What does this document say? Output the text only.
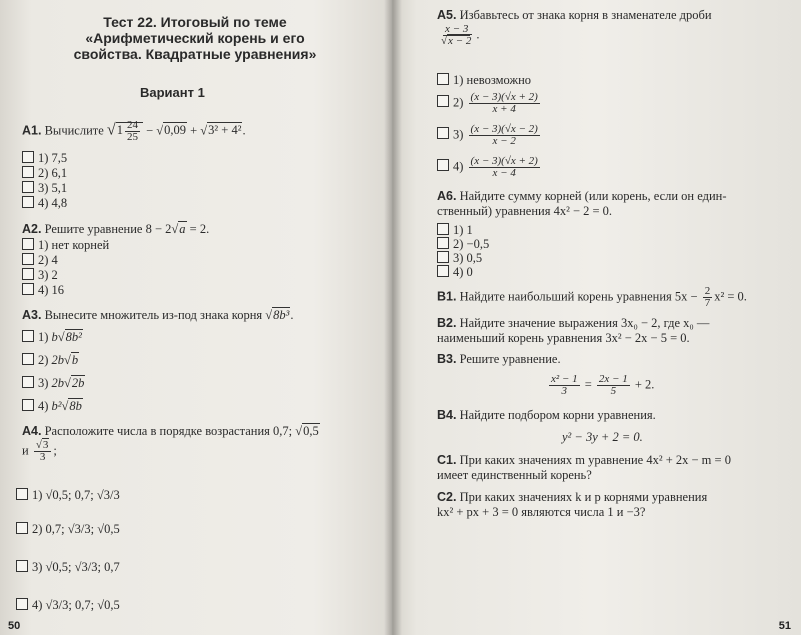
Тест 22. Итоговый по теме
«Арифметический корень и его
свойства. Квадратные уравнения»
Вариант 1
A1. Вычислите $√1 \frac{24}{25} - √0,09 + √3^2 + 4^2$.
1) 7,5
2) 6,1
3) 5,1
4) 4,8
A2. Решите уравнение 8 − 2√a = 2.
1) нет корней
2) 4
3) 2
4) 16
A3. Вынесите множитель из-под знака корня √8b³.
1) b√8b²
2) 2b√b
3) 2b√2b
4) b²√8b
A4. Расположите числа в порядке возрастания 0,7; √0,5
и $\frac{√3}{3}$ ;
1) √0,5; 0,7; √3/3
2) 0,7; √3/3; √0,5
3) √0,5; √3/3; 0,7
4) √3/3; 0,7; √0,5
50
A5. Избавьтесь от знака корня в знаменателе дроби
$\frac{x - 3}{√x - 2}$ .
1) невозможно
$2) \frac{(x - 3)(√x + 2)}{x + 4}$
$3) \frac{(x - 3)(√x - 2)}{x - 2}$
$4) \frac{(x - 3)(√x + 2)}{x - 4}$
A6. Найдите сумму корней (или корень, если он един-
ственный) уравнения 4x² − 2 = 0.
1) 1
2) −0,5
3) 0,5
4) 0
B1. Найдите наибольший корень уравнения $5x - \frac{2}{7} x^2 = 0$.
B2. Найдите значение выражения 3x₀ − 2, где x₀ —
наименьший корень уравнения 3x² − 2x − 5 = 0.
B3. Решите уравнение.
$\frac{\text{x² − 1}}{3} = \frac{2x - 1}{5} + 2$.
B4. Найдите подбором корни уравнения.
y² − 3y + 2 = 0.
C1. При каких значениях m уравнение 4x² + 2x − m = 0
имеет единственный корень?
C2. При каких значениях k и p корнями уравнения
kx² + px + 3 = 0 являются числа 1 и −3?
51
